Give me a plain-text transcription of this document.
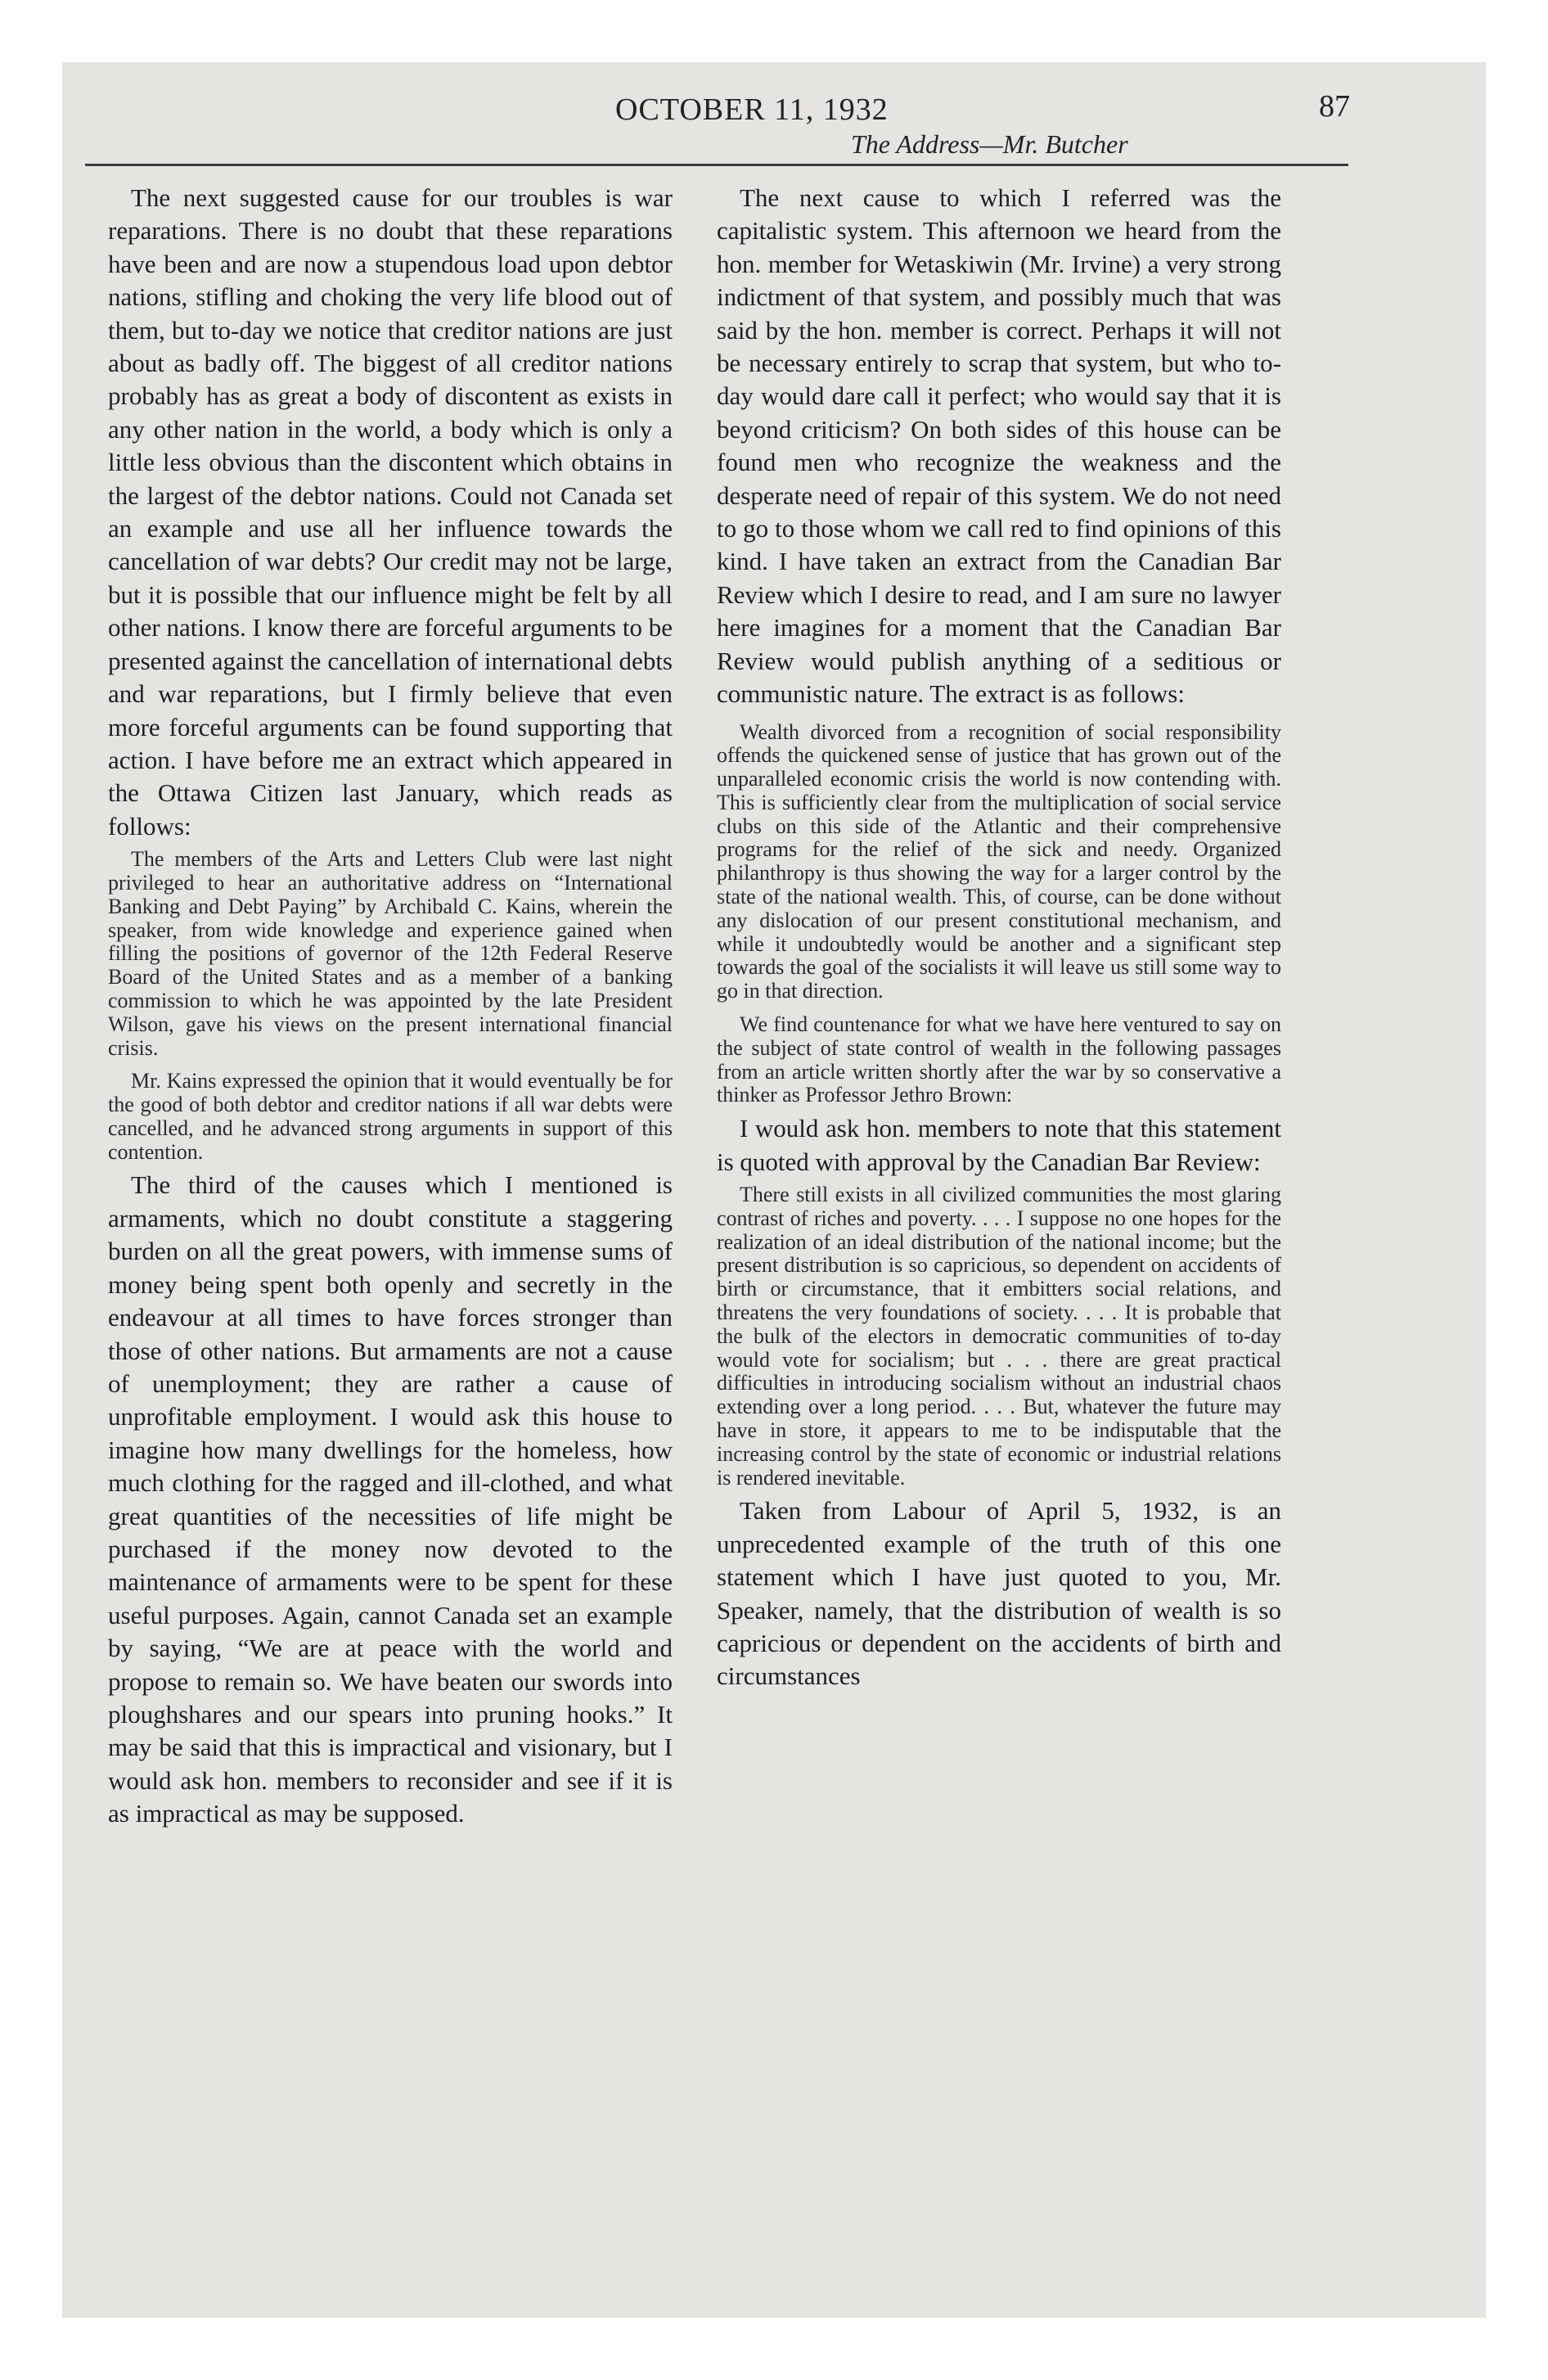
OCTOBER 11, 1932
The Address—Mr. Butcher
87

The next suggested cause for our troubles is war reparations. There is no doubt that these reparations have been and are now a stupendous load upon debtor nations, stifling and choking the very life blood out of them, but to-day we notice that creditor nations are just about as badly off. The biggest of all creditor nations probably has as great a body of discontent as exists in any other nation in the world, a body which is only a little less obvious than the discontent which obtains in the largest of the debtor nations. Could not Canada set an example and use all her influence towards the cancellation of war debts? Our credit may not be large, but it is possible that our influence might be felt by all other nations. I know there are forceful arguments to be presented against the cancellation of international debts and war reparations, but I firmly believe that even more forceful arguments can be found supporting that action. I have before me an extract which appeared in the Ottawa Citizen last January, which reads as follows:

The members of the Arts and Letters Club were last night privileged to hear an authoritative address on “International Banking and Debt Paying” by Archibald C. Kains, wherein the speaker, from wide knowledge and experience gained when filling the positions of governor of the 12th Federal Reserve Board of the United States and as a member of a banking commission to which he was appointed by the late President Wilson, gave his views on the present international financial crisis.

Mr. Kains expressed the opinion that it would eventually be for the good of both debtor and creditor nations if all war debts were cancelled, and he advanced strong arguments in support of this contention.

The third of the causes which I mentioned is armaments, which no doubt constitute a staggering burden on all the great powers, with immense sums of money being spent both openly and secretly in the endeavour at all times to have forces stronger than those of other nations. But armaments are not a cause of unemployment; they are rather a cause of unprofitable employment. I would ask this house to imagine how many dwellings for the homeless, how much clothing for the ragged and ill-clothed, and what great quantities of the necessities of life might be purchased if the money now devoted to the maintenance of armaments were to be spent for these useful purposes. Again, cannot Canada set an example by saying, “We are at peace with the world and propose to remain so. We have beaten our swords into ploughshares and our spears into pruning hooks.” It may be said that this is impractical and visionary, but I would ask hon. members to reconsider and see if it is as impractical as may be supposed.

The next cause to which I referred was the capitalistic system. This afternoon we heard from the hon. member for Wetaskiwin (Mr. Irvine) a very strong indictment of that system, and possibly much that was said by the hon. member is correct. Perhaps it will not be necessary entirely to scrap that system, but who to-day would dare call it perfect; who would say that it is beyond criticism? On both sides of this house can be found men who recognize the weakness and the desperate need of repair of this system. We do not need to go to those whom we call red to find opinions of this kind. I have taken an extract from the Canadian Bar Review which I desire to read, and I am sure no lawyer here imagines for a moment that the Canadian Bar Review would publish anything of a seditious or communistic nature. The extract is as follows:

Wealth divorced from a recognition of social responsibility offends the quickened sense of justice that has grown out of the unparalleled economic crisis the world is now contending with. This is sufficiently clear from the multiplication of social service clubs on this side of the Atlantic and their comprehensive programs for the relief of the sick and needy. Organized philanthropy is thus showing the way for a larger control by the state of the national wealth. This, of course, can be done without any dislocation of our present constitutional mechanism, and while it undoubtedly would be another and a significant step towards the goal of the socialists it will leave us still some way to go in that direction.

We find countenance for what we have here ventured to say on the subject of state control of wealth in the following passages from an article written shortly after the war by so conservative a thinker as Professor Jethro Brown:

I would ask hon. members to note that this statement is quoted with approval by the Canadian Bar Review:

There still exists in all civilized communities the most glaring contrast of riches and poverty. . . . I suppose no one hopes for the realization of an ideal distribution of the national income; but the present distribution is so capricious, so dependent on accidents of birth or circumstance, that it embitters social relations, and threatens the very foundations of society. . . . It is probable that the bulk of the electors in democratic communities of to-day would vote for socialism; but . . . there are great practical difficulties in introducing socialism without an industrial chaos extending over a long period. . . . But, whatever the future may have in store, it appears to me to be indisputable that the increasing control by the state of economic or industrial relations is rendered inevitable.

Taken from Labour of April 5, 1932, is an unprecedented example of the truth of this one statement which I have just quoted to you, Mr. Speaker, namely, that the distribution of wealth is so capricious or dependent on the accidents of birth and circumstances
